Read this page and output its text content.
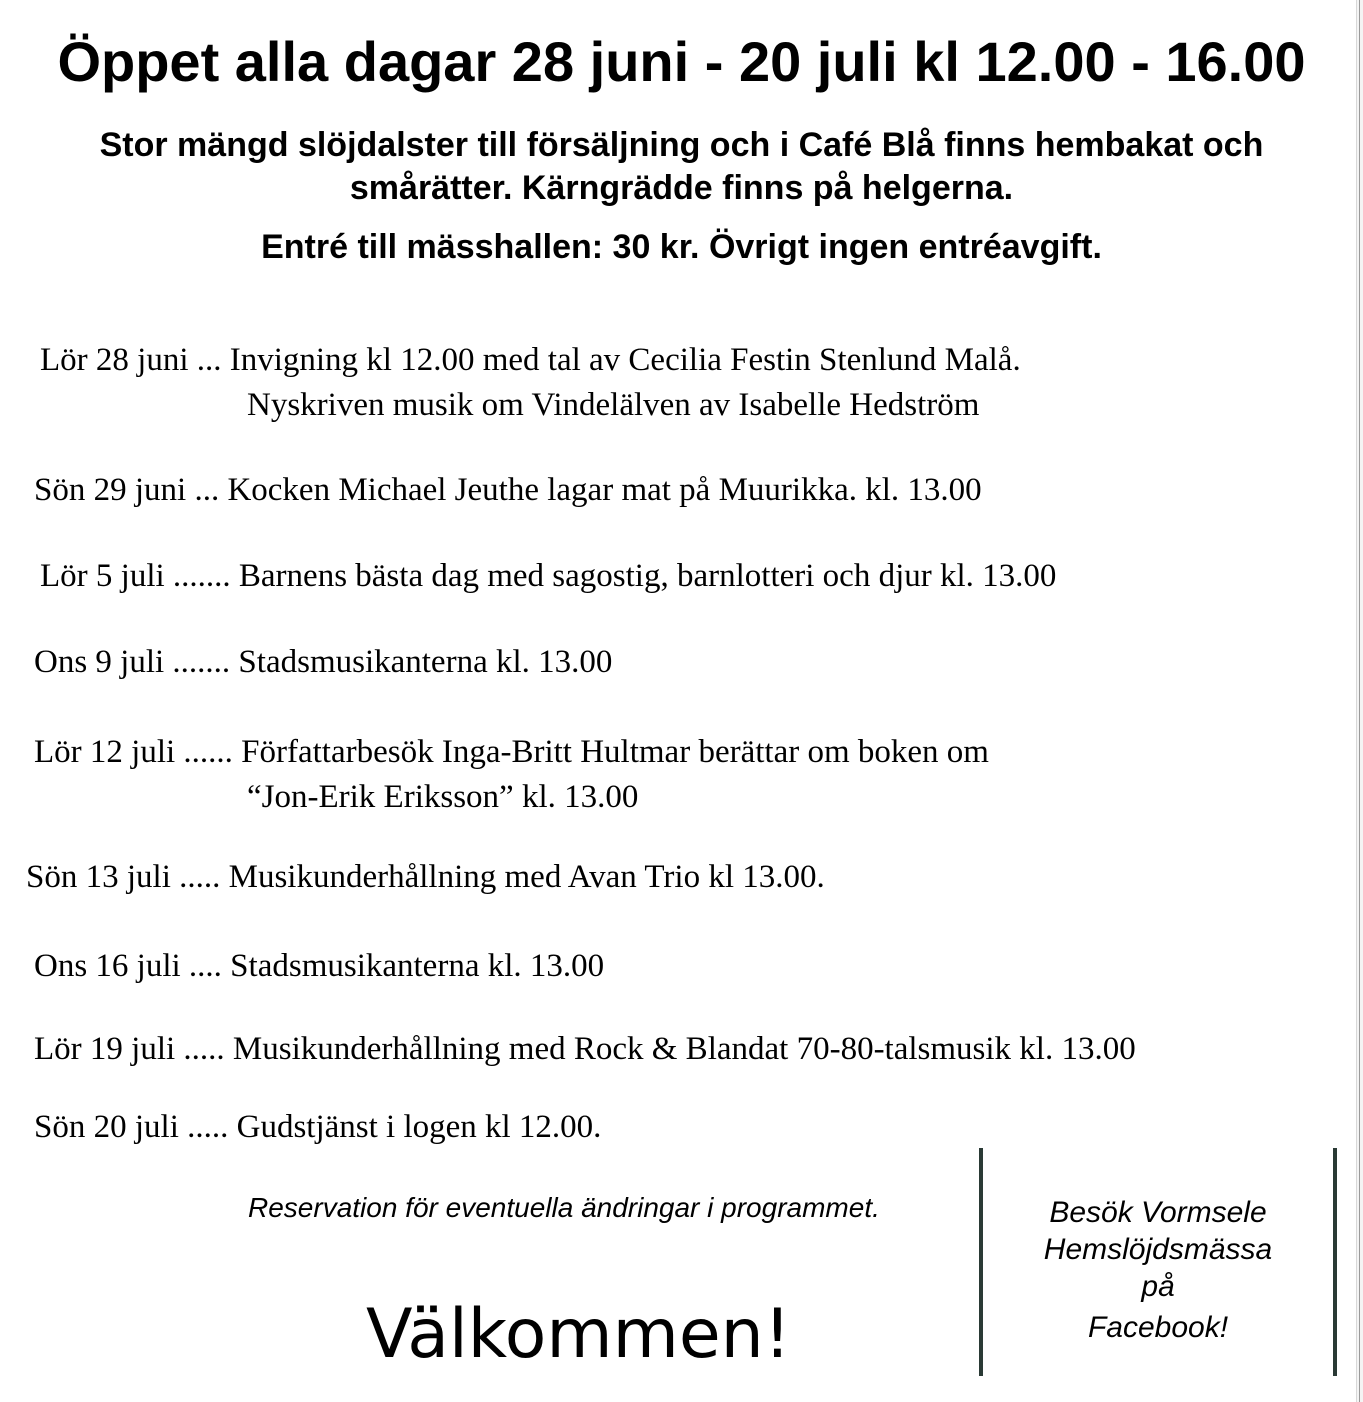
Öppet alla dagar 28 juni - 20 juli kl 12.00 - 16.00

Stor mängd slöjdalster till försäljning och i Café Blå finns hembakat och smårätter. Kärngrädde finns på helgerna.

Entré till mässhallen: 30 kr. Övrigt ingen entréavgift.

Lör 28 juni ... Invigning kl 12.00 med tal av Cecilia Festin Stenlund Malå.
Nyskriven musik om Vindelälven av Isabelle Hedström
Sön 29 juni ... Kocken Michael Jeuthe lagar mat på Muurikka. kl. 13.00
Lör 5 juli ....... Barnens bästa dag med sagostig, barnlotteri och djur kl. 13.00
Ons 9 juli ....... Stadsmusikanterna kl. 13.00
Lör 12 juli ...... Författarbesök Inga-Britt Hultmar berättar om boken om
“Jon-Erik Eriksson” kl. 13.00
Sön 13 juli ..... Musikunderhållning med Avan Trio kl 13.00.
Ons 16 juli .... Stadsmusikanterna kl. 13.00
Lör 19 juli ..... Musikunderhållning med Rock & Blandat 70-80-talsmusik kl. 13.00
Sön 20 juli ..... Gudstjänst i logen kl 12.00.
Reservation för eventuella ändringar i programmet.
Välkommen!
Besök Vormsele
Hemslöjdsmässa
på
Facebook!
